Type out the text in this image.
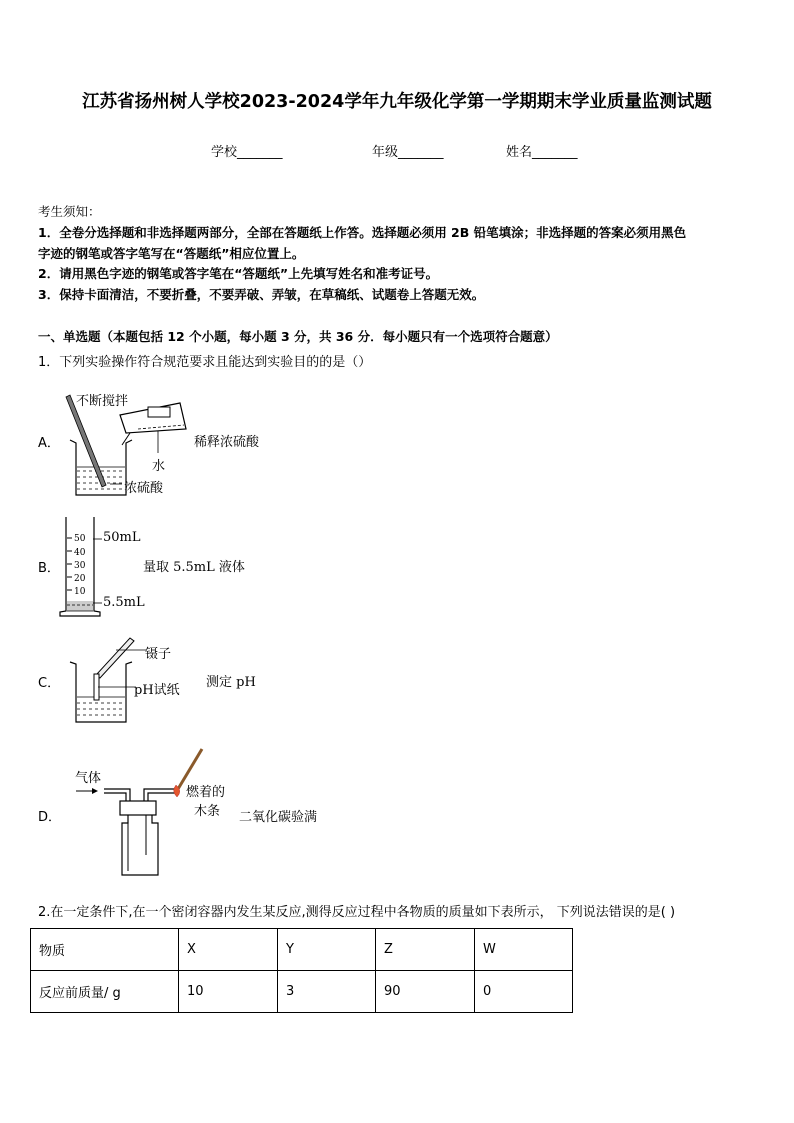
江苏省扬州树人学校2023-2024学年九年级化学第一学期期末学业质量监测试题
学校_______	年级_______	姓名_______
考生须知：
1．全卷分选择题和非选择题两部分，全部在答题纸上作答。选择题必须用 2B 铅笔填涂；非选择题的答案必须用黑色
字迹的钢笔或答字笔写在“答题纸”相应位置上。
2．请用黑色字迹的钢笔或答字笔在“答题纸”上先填写姓名和准考证号。
3．保持卡面清洁，不要折叠，不要弄破、弄皱，在草稿纸、试题卷上答题无效。
一、单选题（本题包括 12 个小题，每小题 3 分，共 36 分．每小题只有一个选项符合题意）
1．下列实验操作符合规范要求且能达到实验目的的是（）
A．
不断搅拌
稀释浓硫酸
水
浓硫酸
B．
50
40
30
20
10
50mL
5.5mL
量取 5.5mL 液体
C．
镊子
pH试纸
测定 pH
D．
气体
燃着的
木条 二氧化碳验满
2.在一定条件下,在一个密闭容器内发生某反应,测得反应过程中各物质的质量如下表所示， 下列说法错误的是( )
物质	X	Y	Z	W
反应前质量/ g	10	3	90	0
